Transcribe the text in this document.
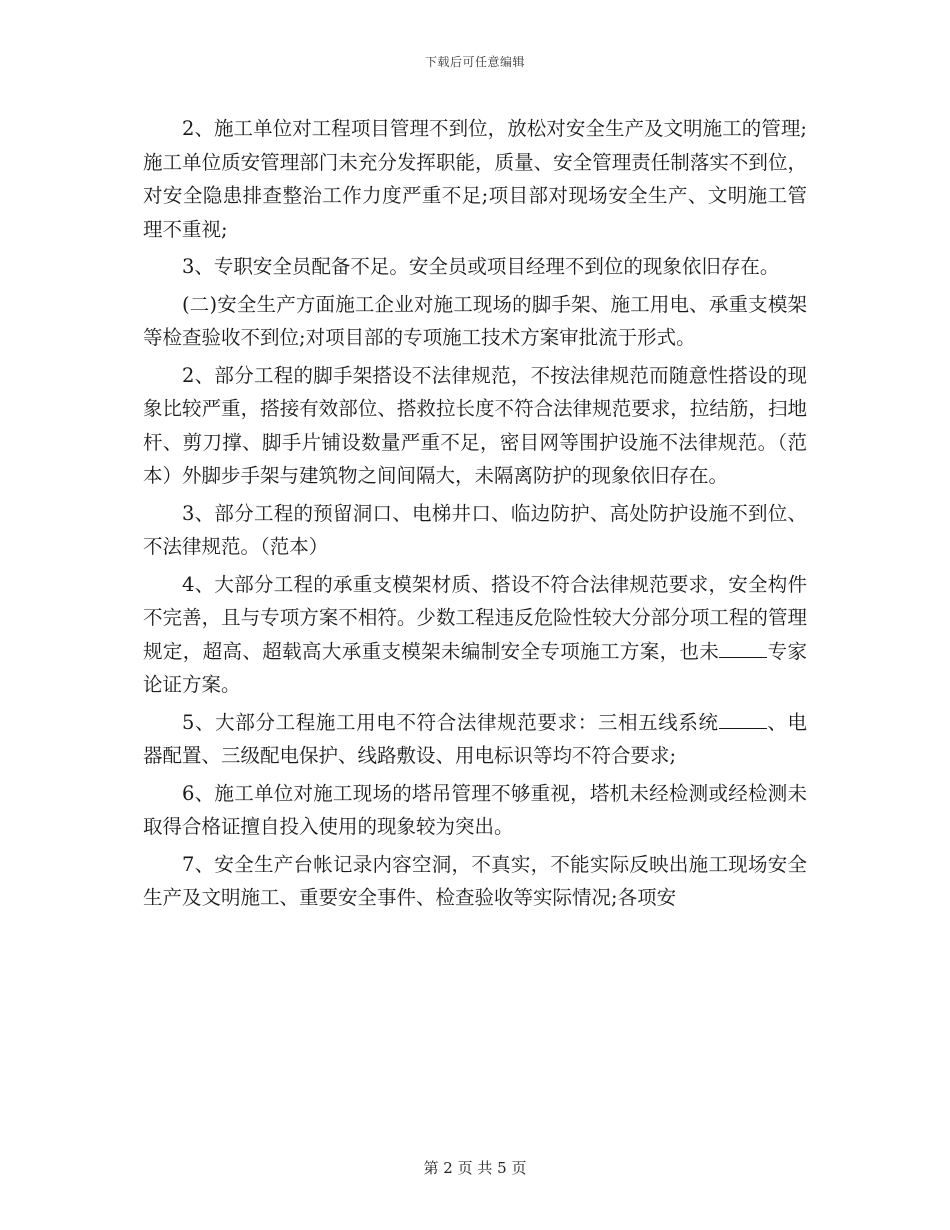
下载后可任意编辑

2、施工单位对工程项目管理不到位，放松对安全生产及文明施工的管理;施工单位质安管理部门未充分发挥职能，质量、安全管理责任制落实不到位，对安全隐患排查整治工作力度严重不足;项目部对现场安全生产、文明施工管理不重视;

3、专职安全员配备不足。安全员或项目经理不到位的现象依旧存在。

(二)安全生产方面施工企业对施工现场的脚手架、施工用电、承重支模架等检查验收不到位;对项目部的专项施工技术方案审批流于形式。

2、部分工程的脚手架搭设不法律规范，不按法律规范而随意性搭设的现象比较严重，搭接有效部位、搭救拉长度不符合法律规范要求，拉结筋，扫地杆、剪刀撑、脚手片铺设数量严重不足，密目网等围护设施不法律规范。（范本）外脚步手架与建筑物之间间隔大，未隔离防护的现象依旧存在。

3、部分工程的预留洞口、电梯井口、临边防护、高处防护设施不到位、不法律规范。（范本）

4、大部分工程的承重支模架材质、搭设不符合法律规范要求，安全构件不完善，且与专项方案不相符。少数工程违反危险性较大分部分项工程的管理规定，超高、超载高大承重支模架未编制安全专项施工方案，也未 专家论证方案。

5、大部分工程施工用电不符合法律规范要求：三相五线系统 、电器配置、三级配电保护、线路敷设、用电标识等均不符合要求;

6、施工单位对施工现场的塔吊管理不够重视，塔机未经检测或经检测未取得合格证擅自投入使用的现象较为突出。

7、安全生产台帐记录内容空洞，不真实，不能实际反映出施工现场安全生产及文明施工、重要安全事件、检查验收等实际情况;各项安

第 2 页 共 5 页
